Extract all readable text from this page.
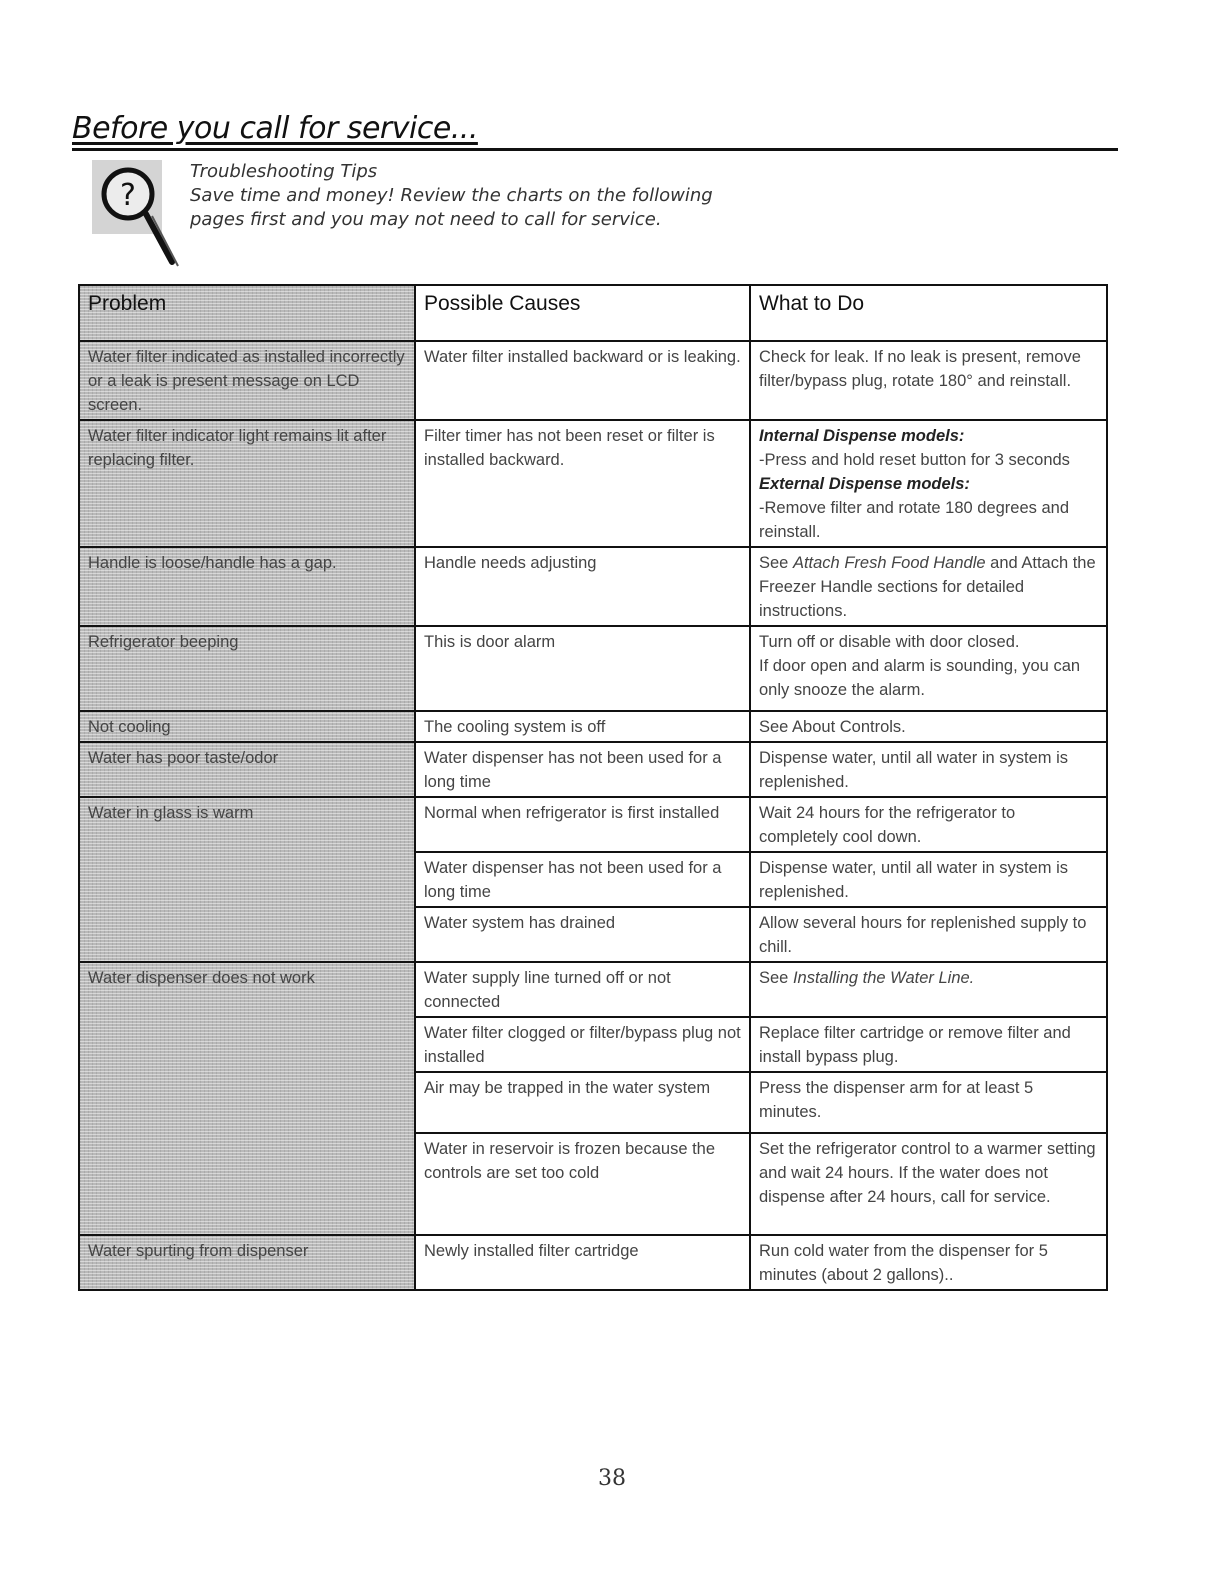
Before you call for service...
?
Troubleshooting Tips
Save time and money! Review the charts on the following
pages first and you may not need to call for service.
Problem	Possible Causes	What to Do
Water filter indicated as installed incorrectly or a leak is present message on LCD screen.	Water filter installed backward or is leaking.	Check for leak. If no leak is present, remove filter/bypass plug, rotate 180° and reinstall.
Water filter indicator light remains lit after replacing filter.	Filter timer has not been reset or filter is installed backward.	Internal Dispense models:
-Press and hold reset button for 3 seconds
External Dispense models:
-Remove filter and rotate 180 degrees and reinstall.

Handle is loose/handle has a gap.	Handle needs adjusting	See Attach Fresh Food Handle and Attach the Freezer Handle sections for detailed instructions.
Refrigerator beeping	This is door alarm	Turn off or disable with door closed.
If door open and alarm is sounding, you can only snooze the alarm.

Not cooling	The cooling system is off	See About Controls.
Water has poor taste/odor	Water dispenser has not been used for a long time	Dispense water, until all water in system is replenished.
Water in glass is warm	Normal when refrigerator is first installed	Wait 24 hours for the refrigerator to completely cool down.
	Water dispenser has not been used for a long time	Dispense water, until all water in system is replenished.
	Water system has drained	Allow several hours for replenished supply to chill.
Water dispenser does not work	Water supply line turned off or not connected	See Installing the Water Line.
	Water filter clogged or filter/bypass plug not installed	Replace filter cartridge or remove filter and install bypass plug.
	Air may be trapped in the water system	Press the dispenser arm for at least 5 minutes.
	Water in reservoir is frozen because the controls are set too cold	Set the refrigerator control to a warmer setting and wait 24 hours. If the water does not dispense after 24 hours, call for service.
Water spurting from dispenser	Newly installed filter cartridge	Run cold water from the dispenser for 5 minutes (about 2 gallons)..
38
